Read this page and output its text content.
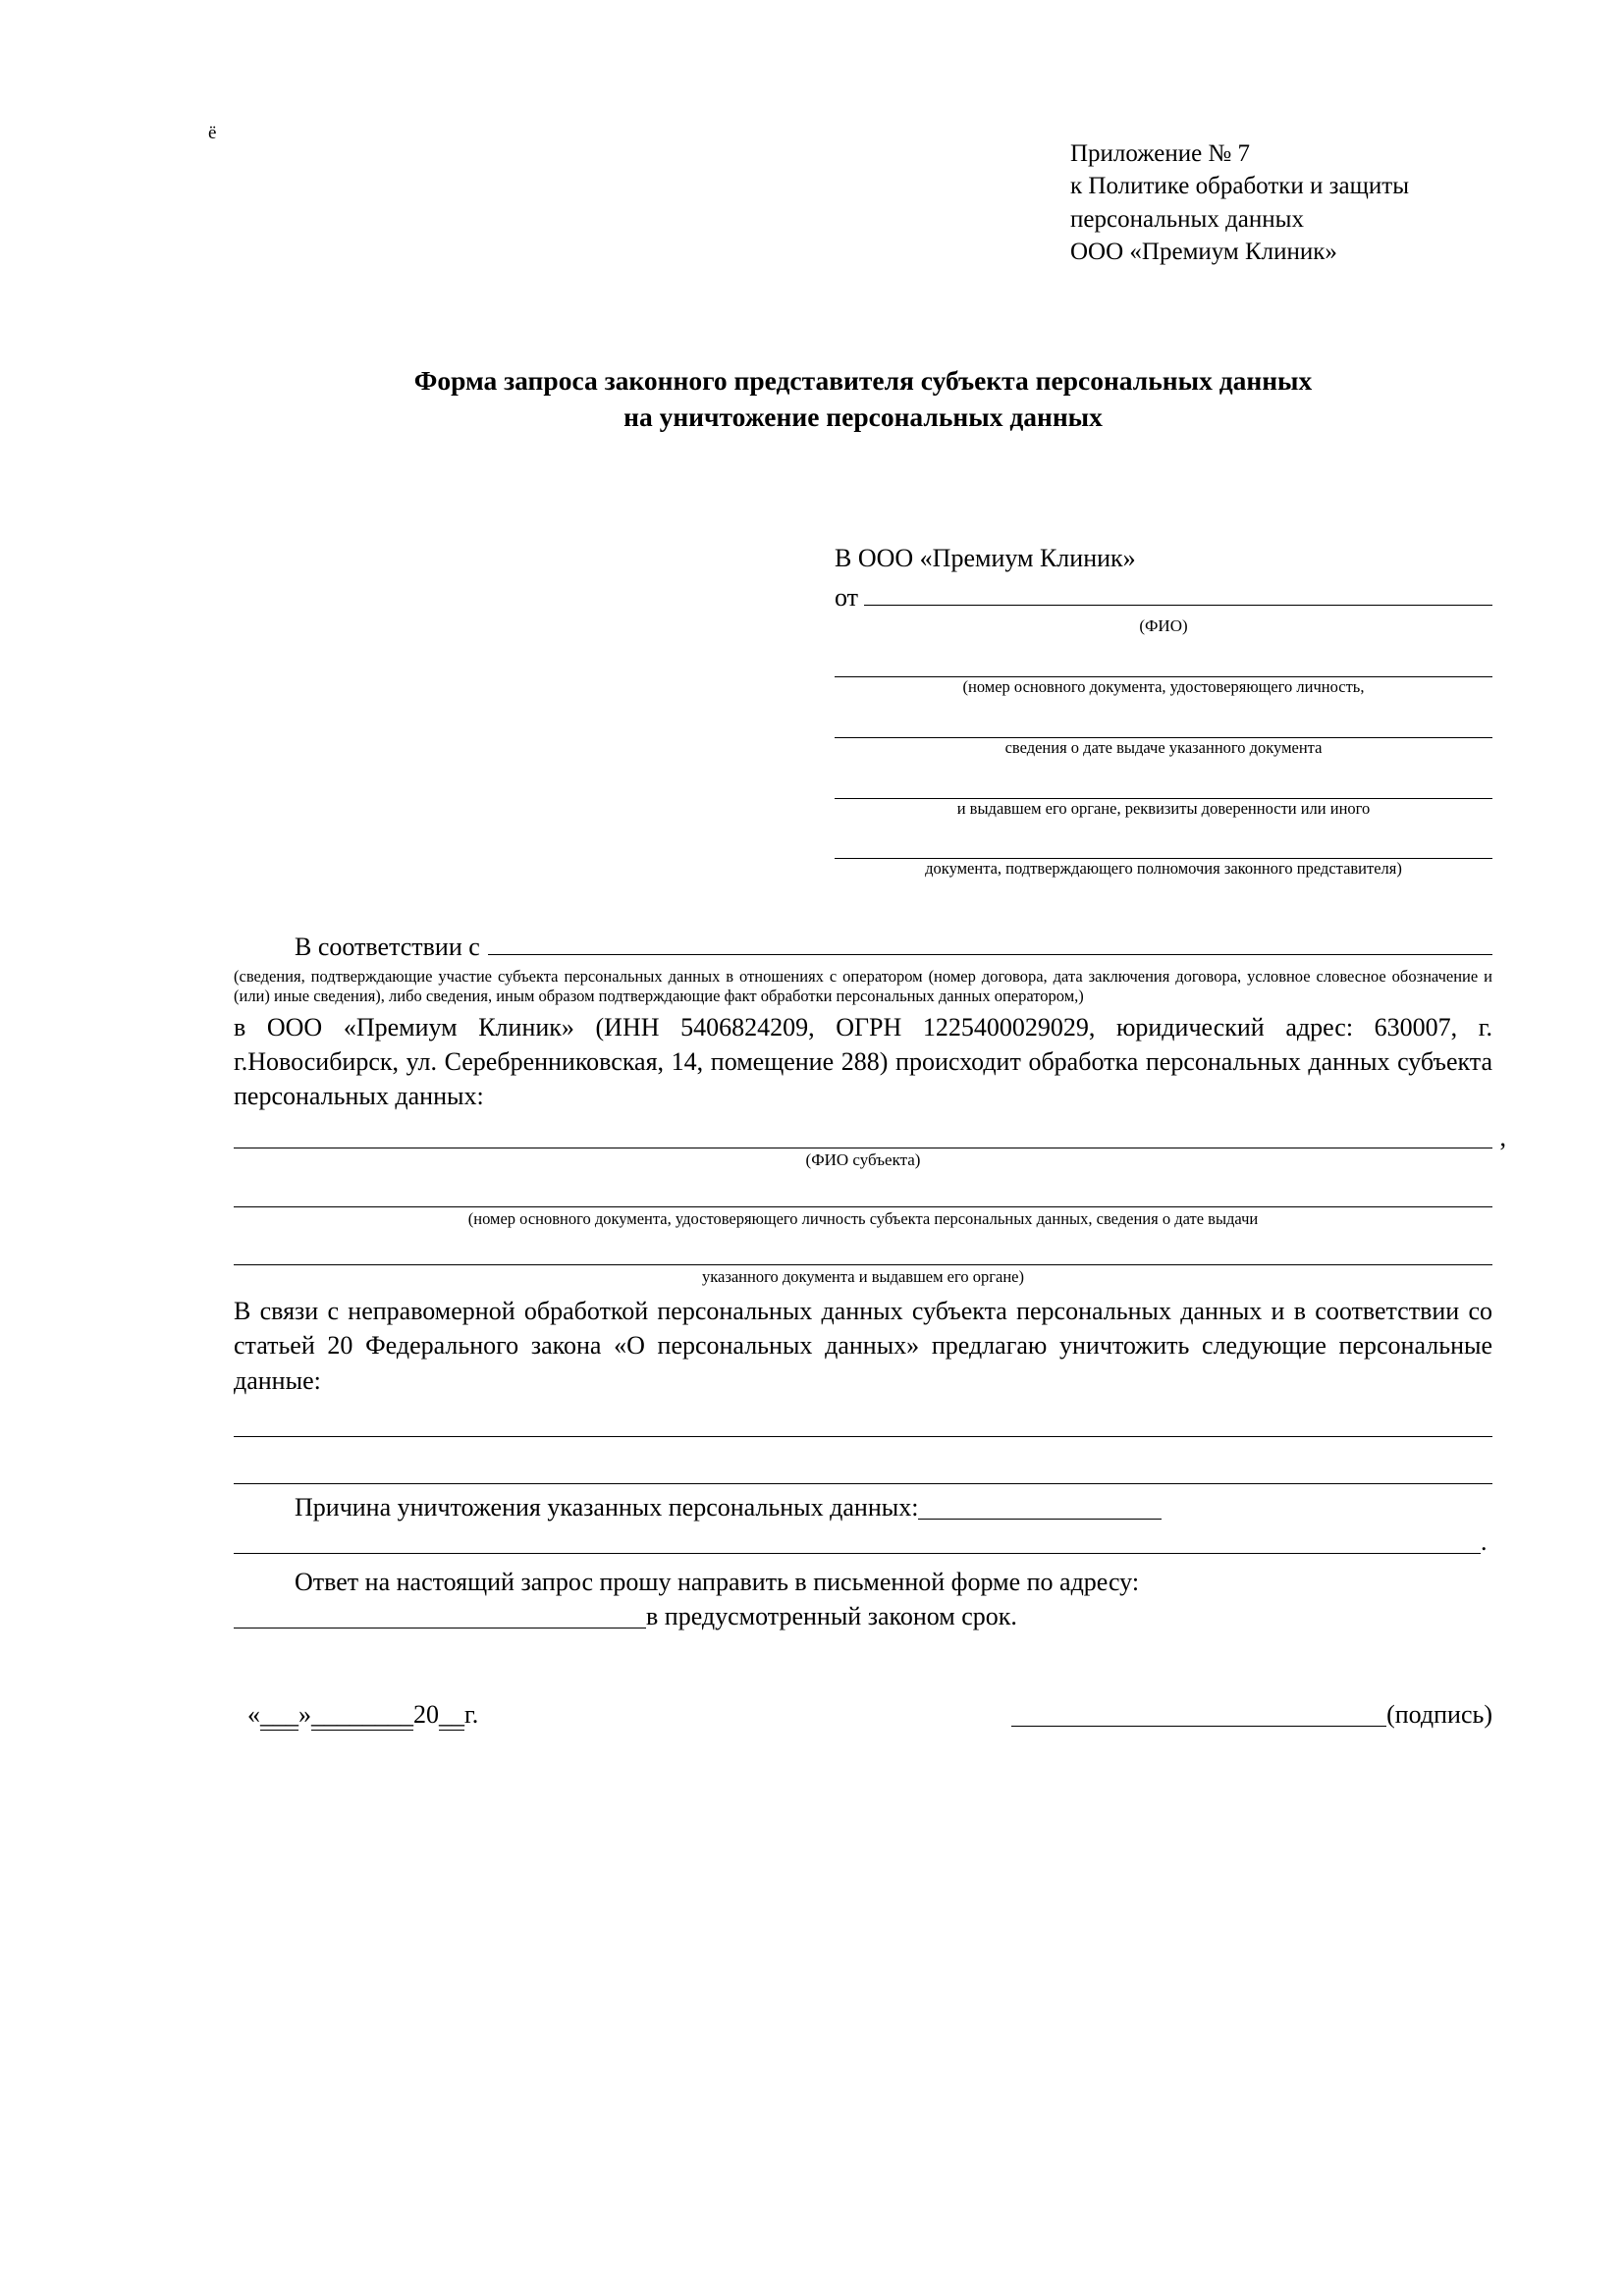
ё
Приложение № 7
к Политике обработки и защиты
персональных данных
ООО «Премиум Клиник»
Форма запроса законного представителя субъекта персональных данных
на уничтожение персональных данных
В ООО «Премиум Клиник»
от
(ФИО)
(номер основного документа, удостоверяющего личность,
сведения о дате выдаче указанного документа
и выдавшем его органе, реквизиты доверенности или иного
документа, подтверждающего полномочия законного представителя)
В соответствии с
(сведения, подтверждающие участие субъекта персональных данных в отношениях с оператором (номер договора, дата заключения договора, условное словесное обозначение и (или) иные сведения), либо сведения, иным образом подтверждающие факт обработки персональных данных оператором,)
в ООО «Премиум Клиник» (ИНН 5406824209, ОГРН 1225400029029, юридический адрес: 630007, г. г.Новосибирск, ул. Серебренниковская, 14, помещение 288) происходит обработка персональных данных субъекта персональных данных:
,
(ФИО субъекта)
(номер основного документа, удостоверяющего личность субъекта персональных данных, сведения о дате выдачи
указанного документа и выдавшем его органе)
В связи с неправомерной обработкой персональных данных субъекта персональных данных и в соответствии со статьей 20 Федерального закона «О персональных данных» предлагаю уничтожить следующие персональные данные:
Причина уничтожения указанных персональных данных:
.
Ответ на настоящий запрос прошу направить в письменной форме по адресу:
в предусмотренный законом срок.
«___»________20__г.	(подпись)
